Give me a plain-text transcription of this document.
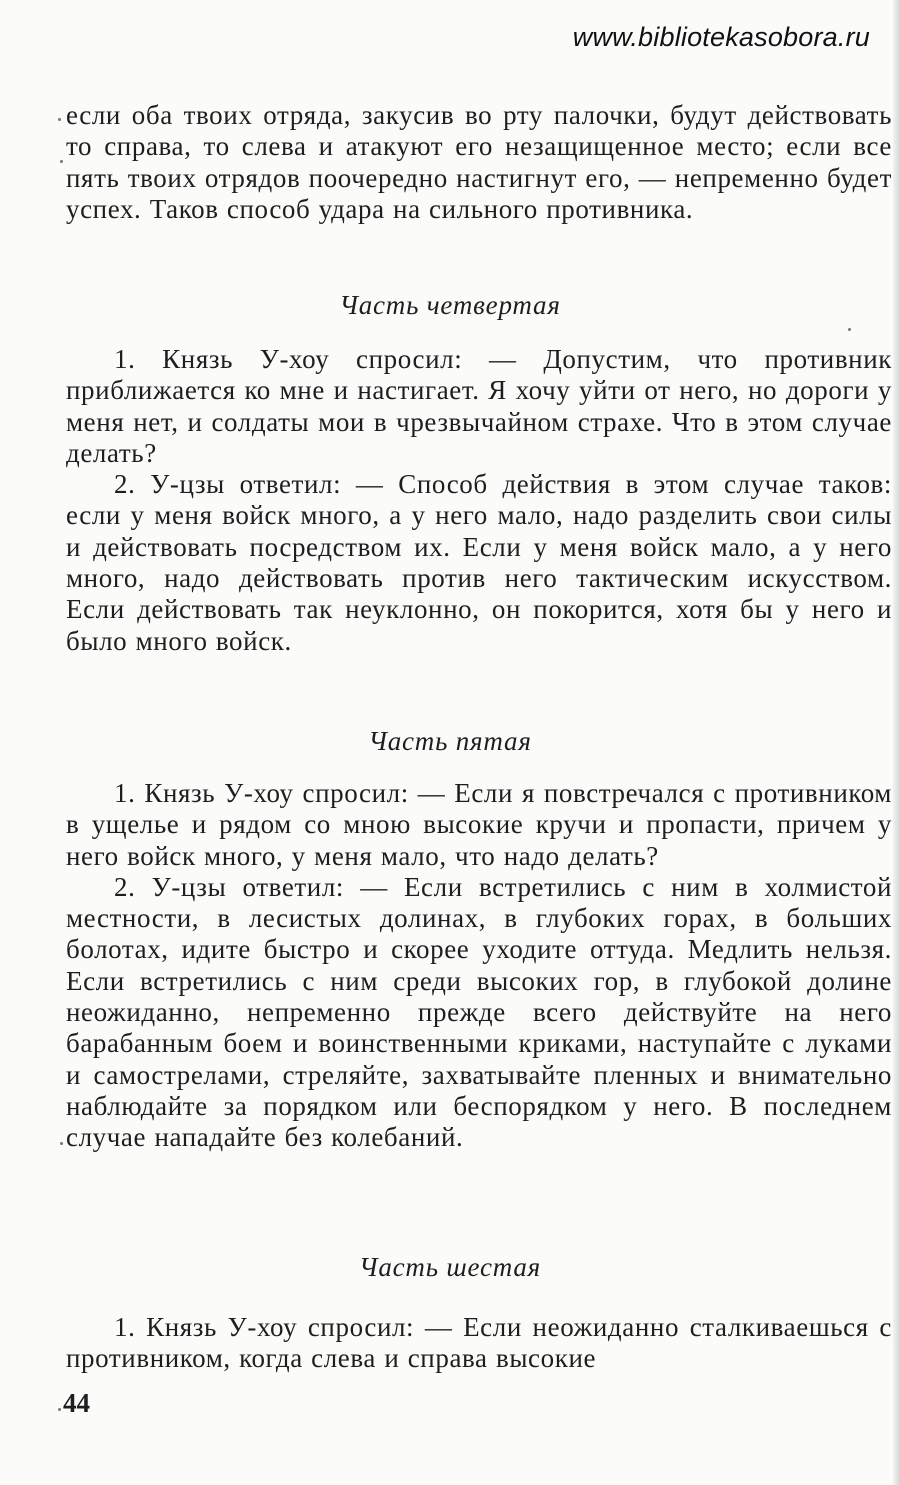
www.bibliotekasobora.ru

если оба твоих отряда, закусив во рту палочки, будут действовать то справа, то слева и атакуют его незащищенное место; если все пять твоих отрядов поочередно настигнут его, — непременно будет успех. Таков способ удара на сильного противника.

Часть четвертая

1. Князь У-хоу спросил: — Допустим, что противник приближается ко мне и настигает. Я хочу уйти от него, но дороги у меня нет, и солдаты мои в чрезвычайном страхе. Что в этом случае делать?

2. У-цзы ответил: — Способ действия в этом случае таков: если у меня войск много, а у него мало, надо разделить свои силы и действовать посредством их. Если у меня войск мало, а у него много, надо действовать против него тактическим искусством. Если действовать так неуклонно, он покорится, хотя бы у него и было много войск.

Часть пятая

1. Князь У-хоу спросил: — Если я повстречался с противником в ущелье и рядом со мною высокие кручи и пропасти, причем у него войск много, у меня мало, что надо делать?

2. У-цзы ответил: — Если встретились с ним в холмистой местности, в лесистых долинах, в глубоких горах, в больших болотах, идите быстро и скорее уходите оттуда. Медлить нельзя. Если встретились с ним среди высоких гор, в глубокой долине неожиданно, непременно прежде всего действуйте на него барабанным боем и воинственными криками, наступайте с луками и самострелами, стреляйте, захватывайте пленных и внимательно наблюдайте за порядком или беспорядком у него. В последнем случае нападайте без колебаний.

Часть шестая

1. Князь У-хоу спросил: — Если неожиданно сталкиваешься с противником, когда слева и справа высокие

44
